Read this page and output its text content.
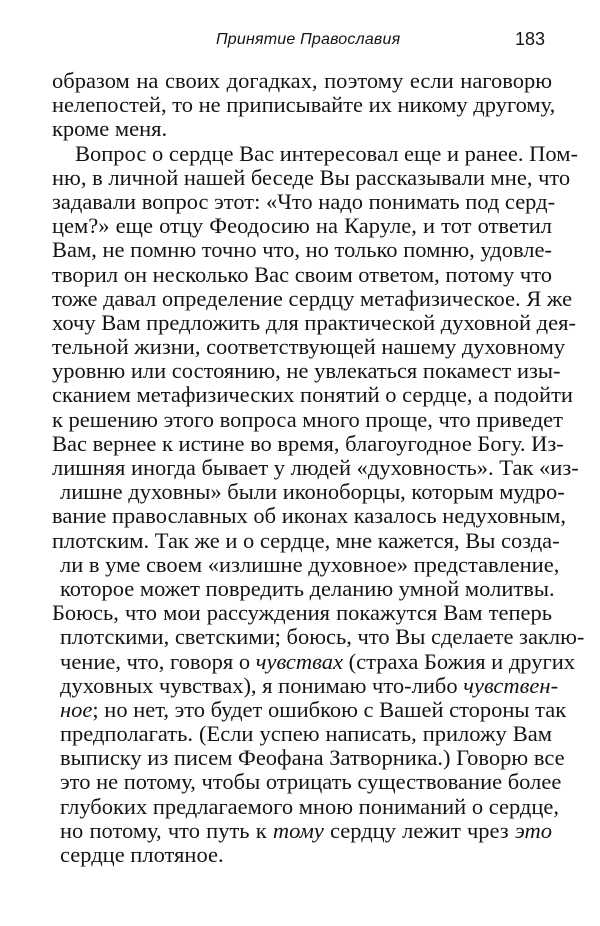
Принятие Православия	183
образом на своих догадках, поэтому если наговорю
нелепостей, то не приписывайте их никому другому,
кроме меня.
Вопрос о сердце Вас интересовал еще и ранее. Пом-
ню, в личной нашей беседе Вы рассказывали мне, что
задавали вопрос этот: «Что надо понимать под серд-
цем?» еще отцу Феодосию на Каруле, и тот ответил
Вам, не помню точно что, но только помню, удовле-
творил он несколько Вас своим ответом, потому что
тоже давал определение сердцу метафизическое. Я же
хочу Вам предложить для практической духовной дея-
тельной жизни, соответствующей нашему духовному
уровню или состоянию, не увлекаться покамест изы-
сканием метафизических понятий о сердце, а подойти
к решению этого вопроса много проще, что приведет
Вас вернее к истине во время, благоугодное Богу. Из-
лишняя иногда бывает у людей «духовность». Так «из-
лишне духовны» были иконоборцы, которым мудро-
вание православных об иконах казалось недуховным,
плотским. Так же и о сердце, мне кажется, Вы созда-
ли в уме своем «излишне духовное» представление,
которое может повредить деланию умной молитвы.
Боюсь, что мои рассуждения покажутся Вам теперь
плотскими, светскими; боюсь, что Вы сделаете заклю-
чение, что, говоря о чувствах (страха Божия и других
духовных чувствах), я понимаю что-либо чувствен-
ное; но нет, это будет ошибкою с Вашей стороны так
предполагать. (Если успею написать, приложу Вам
выписку из писем Феофана Затворника.) Говорю все
это не потому, чтобы отрицать существование более
глубоких предлагаемого мною пониманий о сердце,
но потому, что путь к тому сердцу лежит чрез это
сердце плотяное.
